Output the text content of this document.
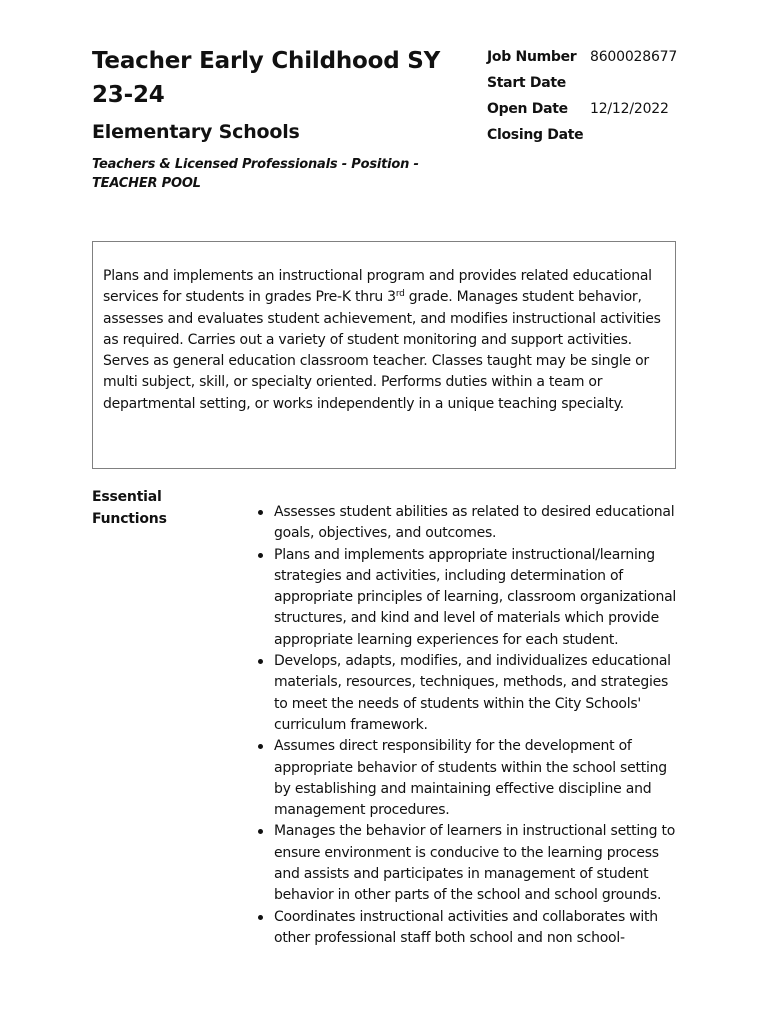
Teacher Early Childhood SY 23-24
Elementary Schools
Teachers & Licensed Professionals - Position - TEACHER POOL
Job Number 8600028677
Start Date
Open Date	12/12/2022
Closing Date

Plans and implements an instructional program and provides related educational services for students in grades Pre-K thru 3rd grade. Manages student behavior, assesses and evaluates student achievement, and modifies instructional activities as required. Carries out a variety of student monitoring and support activities. Serves as general education classroom teacher. Classes taught may be single or multi subject, skill, or specialty oriented. Performs duties within a team or departmental setting, or works independently in a unique teaching specialty.

Essential Functions	Assesses student abilities as related to desired educational goals, objectives, and outcomes.
Plans and implements appropriate instructional/learning strategies and activities, including determination of appropriate principles of learning, classroom organizational structures, and kind and level of materials which provide appropriate learning experiences for each student.
Develops, adapts, modifies, and individualizes educational materials, resources, techniques, methods, and strategies to meet the needs of students within the City Schools' curriculum framework.
Assumes direct responsibility for the development of appropriate behavior of students within the school setting by establishing and maintaining effective discipline and management procedures.
Manages the behavior of learners in instructional setting to ensure environment is conducive to the learning process and assists and participates in management of student behavior in other parts of the school and school grounds.
Coordinates instructional activities and collaborates with other professional staff both school and non school-
